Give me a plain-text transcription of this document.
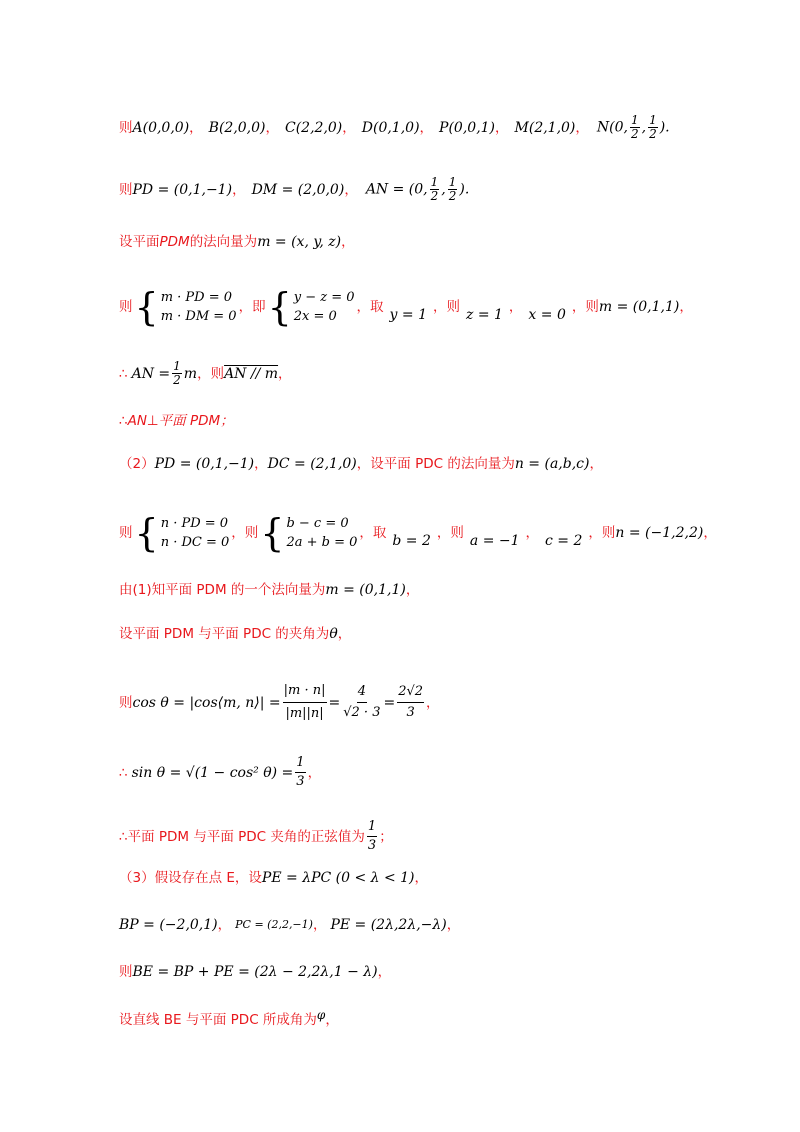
则 A(0,0,0) ， B(2,0,0) ， C(2,2,0) ， D(0,1,0) ， P(0,0,1) ， M(2,1,0) ， N(0, $\frac{1}{2}$ , $\frac{1}{2}$ ).
则 PD = (0,1,−1) ， DM = (2,0,0) ， AN = (0, $\frac{1}{2}$ , $\frac{1}{2}$ ).
设平面 PDM 的法向量为 m = (x, y, z) ，
则 { m · PD = 0
m · DM = 0
，即 { y − z = 0
2x = 0
，取 y = 1 ，则 z = 1 ， x = 0 ，则 m = (0,1,1) ，
∴ AN = $\frac{1}{2}$ m ，则 AN // m ，
∴AN⊥平面 PDM；
（2） PD = (0,1,−1) ， DC = (2,1,0) ，设平面 PDC 的法向量为 n = (a,b,c) ，
则 { n · PD = 0
n · DC = 0
，则 { b − c = 0
2a + b = 0
，取 b = 2 ，则 a = −1 ， c = 2 ，则 n = (−1,2,2) ，
由(1)知平面 PDM 的一个法向量为 m = (0,1,1) ，
设平面 PDM 与平面 PDC 的夹角为 θ ，
则 cos θ = |cos⟨m, n⟩| = $\frac{|m \cdot n|}{|m||n|} = \frac{4}{√2 \cdot 3} = \frac{2√2}{3}$ ，
∴ sin θ = √(1 − cos² $\theta) = \frac{1}{3}$ ，
∴平面 PDM 与平面 PDC 夹角的正弦值为 $\frac{1}{3}$ ；
（3）假设存在点 E，设 PE = λPC (0 < λ < 1) ，
BP = (−2,0,1) ， PC = (2,2,−1) ， PE = (2λ,2λ,−λ) ，
则 BE = BP + PE = (2λ − 2,2λ,1 − λ) ，
设直线 BE 与平面 PDC 所成角为 φ ，
